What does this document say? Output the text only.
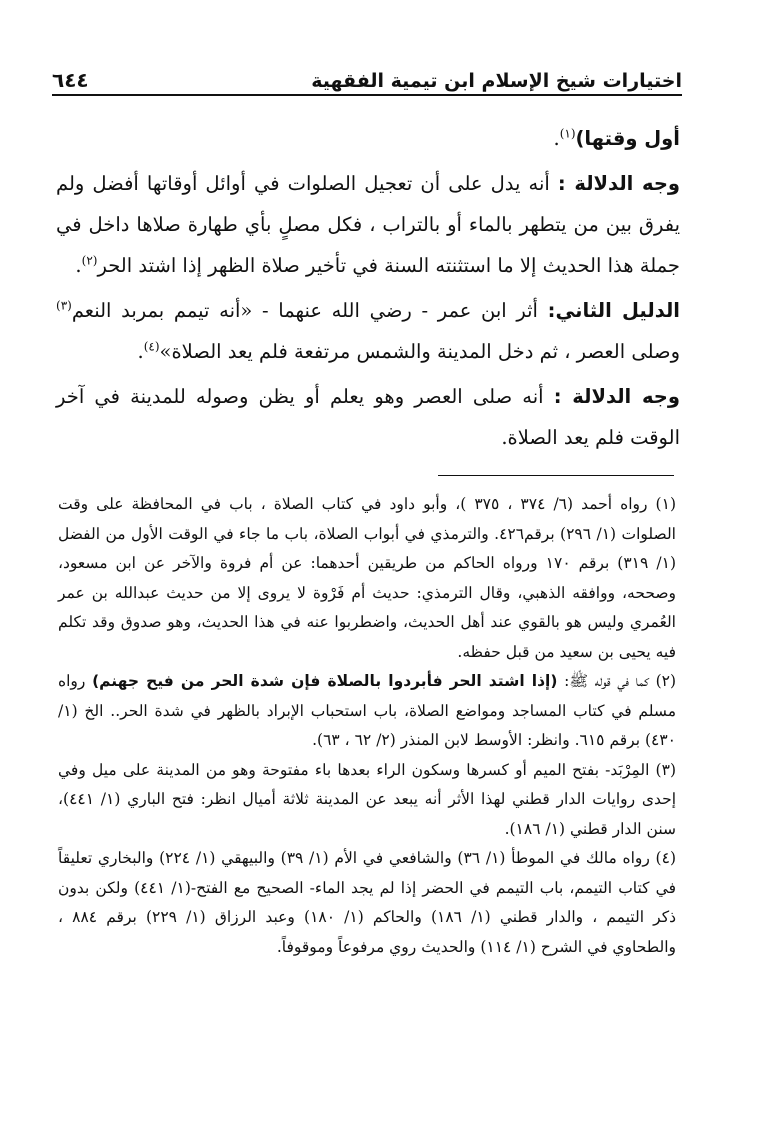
اختيارات شيخ الإسلام ابن تيمية الفقهية
٦٤٤

أول وقتها)$^{(١)}$.

وجه الدلالة : أنه يدل على أن تعجيل الصلوات في أوائل أوقاتها أفضل ولم يفرق بين من يتطهر بالماء أو بالتراب ، فكل مصلٍ بأي طهارة صلاها داخل في جملة هذا الحديث إلا ما استثنته السنة في تأخير صلاة الظهر إذا اشتد الحر$^{(٢)}$.

الدليل الثاني: أثر ابن عمر - رضي الله عنهما - «أنه تيمم بمربد النعم$^{(٣)}$ وصلى العصر ، ثم دخل المدينة والشمس مرتفعة فلم يعد الصلاة»$^{(٤)}$.

وجه الدلالة : أنه صلى العصر وهو يعلم أو يظن وصوله للمدينة في آخر الوقت فلم يعد الصلاة.

(١) رواه أحمد (٦/ ٣٧٤ ، ٣٧٥ )، وأبو داود في كتاب الصلاة ، باب في المحافظة على وقت الصلوات (١/ ٢٩٦) برقم٤٢٦. والترمذي في أبواب الصلاة، باب ما جاء في الوقت الأول من الفضل (١/ ٣١٩) برقم ١٧٠ ورواه الحاكم من طريقين أحدهما: عن أم فروة والآخر عن ابن مسعود، وصححه، ووافقه الذهبي، وقال الترمذي: حديث أم فَرْوة لا يروى إلا من حديث عبدالله بن عمر العُمري وليس هو بالقوي عند أهل الحديث، واضطربوا عنه في هذا الحديث، وهو صدوق وقد تكلم فيه يحيى بن سعيد من قبل حفظه.

(٢) كما في قوله ﷺ: (إذا اشتد الحر فأبردوا بالصلاة فإن شدة الحر من فيح جهنم) رواه مسلم في كتاب المساجد ومواضع الصلاة، باب استحباب الإبراد بالظهر في شدة الحر.. الخ (١/ ٤٣٠) برقم ٦١٥. وانظر: الأوسط لابن المنذر (٢/ ٦٢ ، ٦٣).

(٣) المِرْبَد- بفتح الميم أو كسرها وسكون الراء بعدها باء مفتوحة وهو من المدينة على ميل وفي إحدى روايات الدار قطني لهذا الأثر أنه يبعد عن المدينة ثلاثة أميال انظر: فتح الباري (١/ ٤٤١)، سنن الدار قطني (١/ ١٨٦).

(٤) رواه مالك في الموطأ (١/ ٣٦) والشافعي في الأم (١/ ٣٩) والبيهقي (١/ ٢٢٤) والبخاري تعليقاً في كتاب التيمم، باب التيمم في الحضر إذا لم يجد الماء- الصحيح مع الفتح-(١/ ٤٤١) ولكن بدون ذكر التيمم ، والدار قطني (١/ ١٨٦) والحاكم (١/ ١٨٠) وعبد الرزاق (١/ ٢٢٩) برقم ٨٨٤ ، والطحاوي في الشرح (١/ ١١٤) والحديث روي مرفوعاً وموقوفاً.
